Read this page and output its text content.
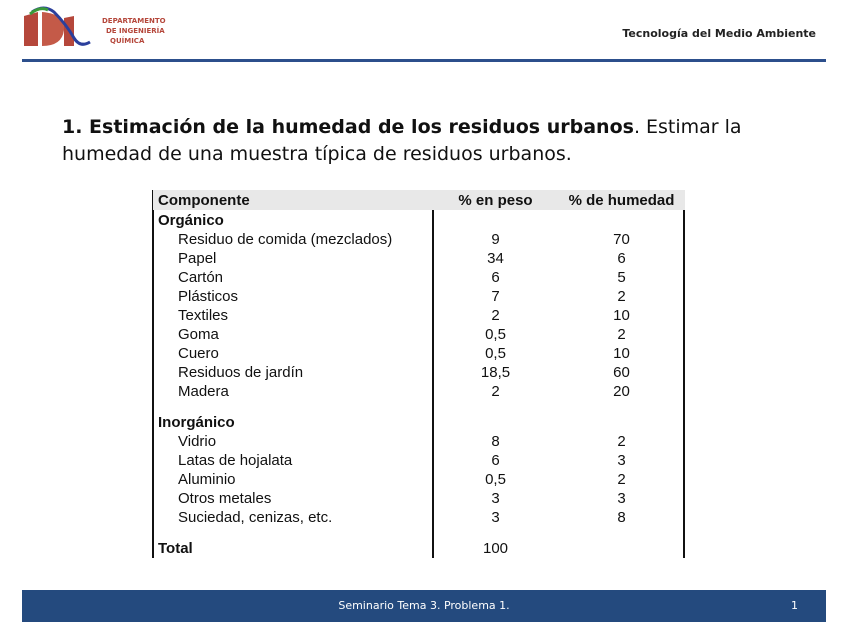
DEPARTAMENTO
DE INGENIERÍA
QUÍMICA
Tecnología del Medio Ambiente
1. Estimación de la humedad de los residuos urbanos. Estimar la humedad de una muestra típica de residuos urbanos.
Componente	% en peso	% de humedad
Orgánico
Residuo de comida (mezclados)	9	70
Papel	34	6
Cartón	6	5
Plásticos	7	2
Textiles	2	10
Goma	0,5	2
Cuero	0,5	10
Residuos de jardín	18,5	60
Madera	2	20
Inorgánico
Vidrio	8	2
Latas de hojalata	6	3
Aluminio	0,5	2
Otros metales	3	3
Suciedad, cenizas, etc.	3	8
Total	100
Seminario Tema 3. Problema 1.	1
